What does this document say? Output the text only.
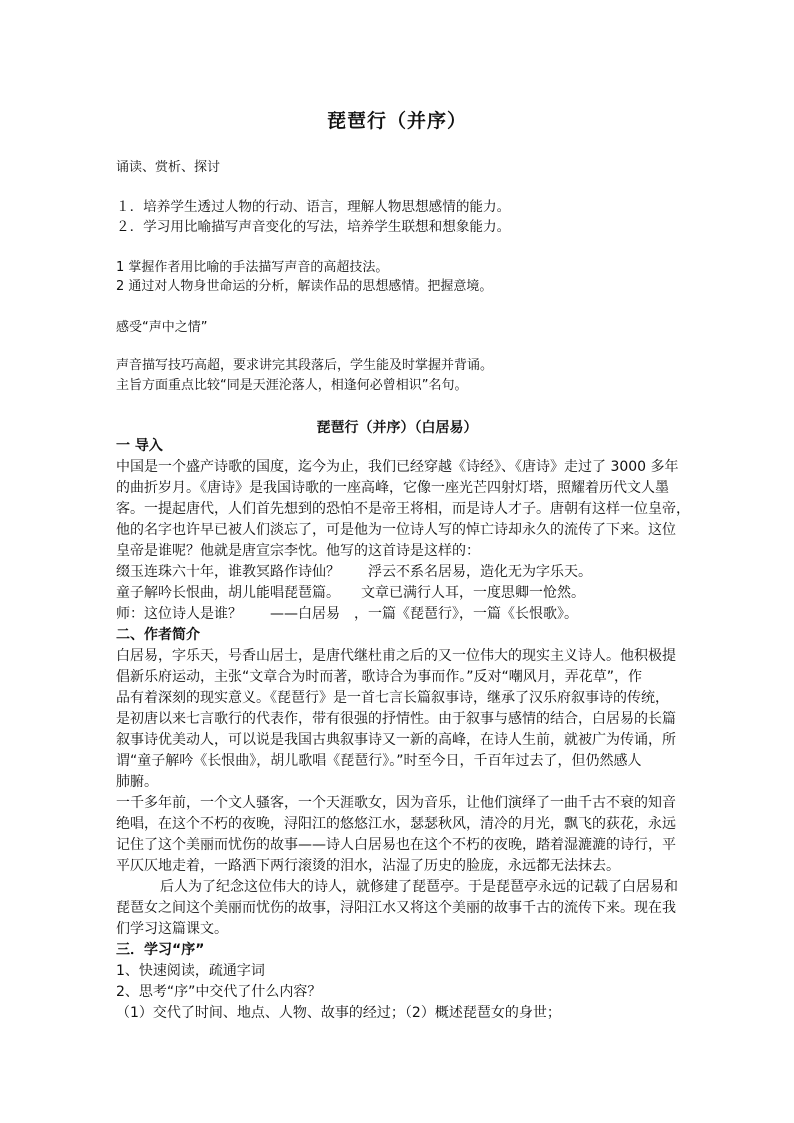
琵琶行（并序）
诵读、赏析、探讨
１．培养学生透过人物的行动、语言，理解人物思想感情的能力。
２．学习用比喻描写声音变化的写法，培养学生联想和想象能力。
1 掌握作者用比喻的手法描写声音的高超技法。
2 通过对人物身世命运的分析，解读作品的思想感情。把握意境。
感受“声中之情”
声音描写技巧高超，要求讲完其段落后，学生能及时掌握并背诵。
主旨方面重点比较“同是天涯沦落人，相逢何必曾相识”名句。
琵琶行（并序）（白居易）
一 导入
中国是一个盛产诗歌的国度，迄今为止，我们已经穿越《诗经》、《唐诗》走过了 3000 多年
的曲折岁月。《唐诗》是我国诗歌的一座高峰，它像一座光芒四射灯塔，照耀着历代文人墨
客。一提起唐代，人们首先想到的恐怕不是帝王将相，而是诗人才子。唐朝有这样一位皇帝，
他的名字也许早已被人们淡忘了，可是他为一位诗人写的悼亡诗却永久的流传了下来。这位
皇帝是谁呢？他就是唐宣宗李忱。他写的这首诗是这样的：
缀玉连珠六十年，谁教冥路作诗仙？　　浮云不系名居易，造化无为字乐天。
童子解吟长恨曲，胡儿能唱琵琶篇。　　文章已满行人耳，一度思卿一怆然。
师：这位诗人是谁？　　——白居易　，一篇《琵琶行》，一篇《长恨歌》。
二、作者简介
白居易，字乐天，号香山居士，是唐代继杜甫之后的又一位伟大的现实主义诗人。他积极提
倡新乐府运动，主张“文章合为时而著，歌诗合为事而作。”反对“嘲风月，弄花草”，作
品有着深刻的现实意义。《琵琶行》是一首七言长篇叙事诗，继承了汉乐府叙事诗的传统，
是初唐以来七言歌行的代表作，带有很强的抒情性。由于叙事与感情的结合，白居易的长篇
叙事诗优美动人，可以说是我国古典叙事诗又一新的高峰，在诗人生前，就被广为传诵，所
谓“童子解吟《长恨曲》，胡儿歌唱《琵琶行》。”时至今日，千百年过去了，但仍然感人
肺腑。
一千多年前，一个文人骚客，一个天涯歌女，因为音乐，让他们演绎了一曲千古不衰的知音
绝唱，在这个不朽的夜晚，浔阳江的悠悠江水，瑟瑟秋风，清冷的月光，飘飞的荻花，永远
记住了这个美丽而忧伤的故事——诗人白居易也在这个不朽的夜晚，踏着湿漉漉的诗行，平
平仄仄地走着，一路洒下两行滚烫的泪水，沾湿了历史的脸庞，永远都无法抹去。
后人为了纪念这位伟大的诗人，就修建了琵琶亭。于是琵琶亭永远的记载了白居易和
琵琶女之间这个美丽而忧伤的故事，浔阳江水又将这个美丽的故事千古的流传下来。现在我
们学习这篇课文。
三．学习“序”
1、快速阅读，疏通字词
2、思考“序”中交代了什么内容？
（1）交代了时间、地点、人物、故事的经过；（2）概述琵琶女的身世；
